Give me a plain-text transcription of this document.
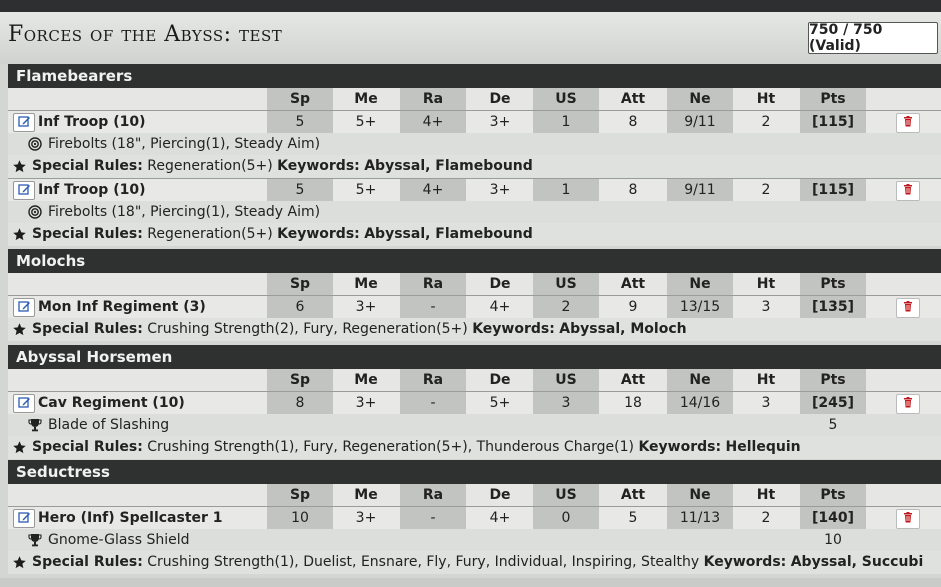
Forces of the Abyss: test	750 / 750 (Valid)
Flamebearers
Sp	Me	Ra	De	US	Att	Ne	Ht	Pts
Inf Troop (10)	5	5+	4+	3+	1	8	9/11	2	[115]
Firebolts (18", Piercing(1), Steady Aim)
Special Rules: Regeneration(5+) Keywords: Abyssal, Flamebound
Inf Troop (10)	5	5+	4+	3+	1	8	9/11	2	[115]
Firebolts (18", Piercing(1), Steady Aim)
Special Rules: Regeneration(5+) Keywords: Abyssal, Flamebound
Molochs
Sp	Me	Ra	De	US	Att	Ne	Ht	Pts
Mon Inf Regiment (3)	6	3+	-	4+	2	9	13/15	3	[135]
Special Rules: Crushing Strength(2), Fury, Regeneration(5+) Keywords: Abyssal, Moloch
Abyssal Horsemen
Sp	Me	Ra	De	US	Att	Ne	Ht	Pts
Cav Regiment (10)	8	3+	-	5+	3	18	14/16	3	[245]
Blade of Slashing	5
Special Rules: Crushing Strength(1), Fury, Regeneration(5+), Thunderous Charge(1) Keywords: Hellequin
Seductress
Sp	Me	Ra	De	US	Att	Ne	Ht	Pts
Hero (Inf) Spellcaster 1	10	3+	-	4+	0	5	11/13	2	[140]
Gnome-Glass Shield	10
Special Rules: Crushing Strength(1), Duelist, Ensnare, Fly, Fury, Individual, Inspiring, Stealthy Keywords: Abyssal, Succubi
